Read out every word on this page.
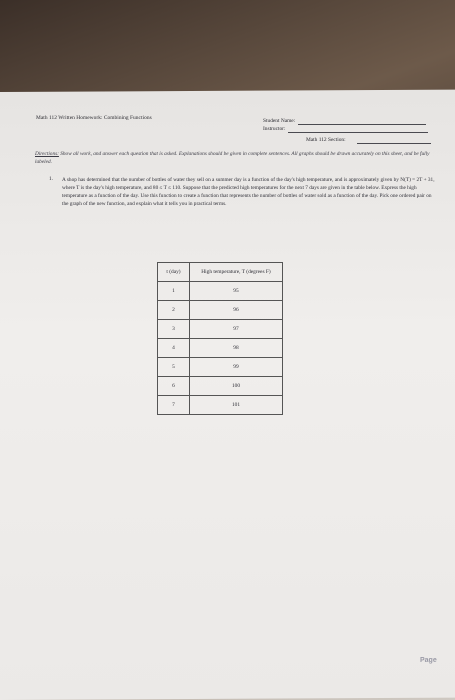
Math 112 Written Homework: Combining Functions	Student Name:
Instructor:
Math 112 Section:
Directions: Show all work, and answer each question that is asked. Explanations should be given in complete sentences. All graphs should be drawn accurately on this sheet, and be fully labeled.
1. A shop has determined that the number of bottles of water they sell on a summer day is a function of the day's high temperature, and is approximately given by N(T) = 2T + 31, where T is the day's high temperature, and 80 ≤ T ≤ 110. Suppose that the predicted high temperatures for the next 7 days are given in the table below. Express the high temperature as a function of the day. Use this function to create a function that represents the number of bottles of water sold as a function of the day. Pick one ordered pair on the graph of the new function, and explain what it tells you in practical terms.
t (day)	High temperature, T (degrees F)
1	95
2	96
3	97
4	98
5	99
6	100
7	101
Page
